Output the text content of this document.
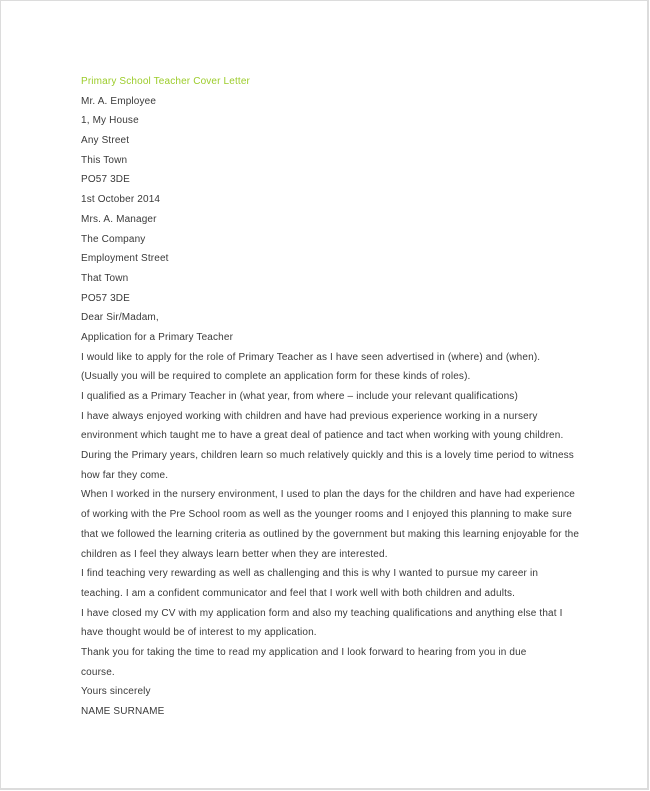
Primary School Teacher Cover Letter
Mr. A. Employee
1, My House
Any Street
This Town
PO57 3DE
1st October 2014
Mrs. A. Manager
The Company
Employment Street
That Town
PO57 3DE
Dear Sir/Madam,
Application for a Primary Teacher
I would like to apply for the role of Primary Teacher as I have seen advertised in (where) and (when).
(Usually you will be required to complete an application form for these kinds of roles).
I qualified as a Primary Teacher in (what year, from where – include your relevant qualifications)
I have always enjoyed working with children and have had previous experience working in a nursery
environment which taught me to have a great deal of patience and tact when working with young children.
During the Primary years, children learn so much relatively quickly and this is a lovely time period to witness
how far they come.
When I worked in the nursery environment, I used to plan the days for the children and have had experience
of working with the Pre School room as well as the younger rooms and I enjoyed this planning to make sure
that we followed the learning criteria as outlined by the government but making this learning enjoyable for the
children as I feel they always learn better when they are interested.
I find teaching very rewarding as well as challenging and this is why I wanted to pursue my career in
teaching. I am a confident communicator and feel that I work well with both children and adults.
I have closed my CV with my application form and also my teaching qualifications and anything else that I
have thought would be of interest to my application.
Thank you for taking the time to read my application and I look forward to hearing from you in due
course.
Yours sincerely
NAME SURNAME
